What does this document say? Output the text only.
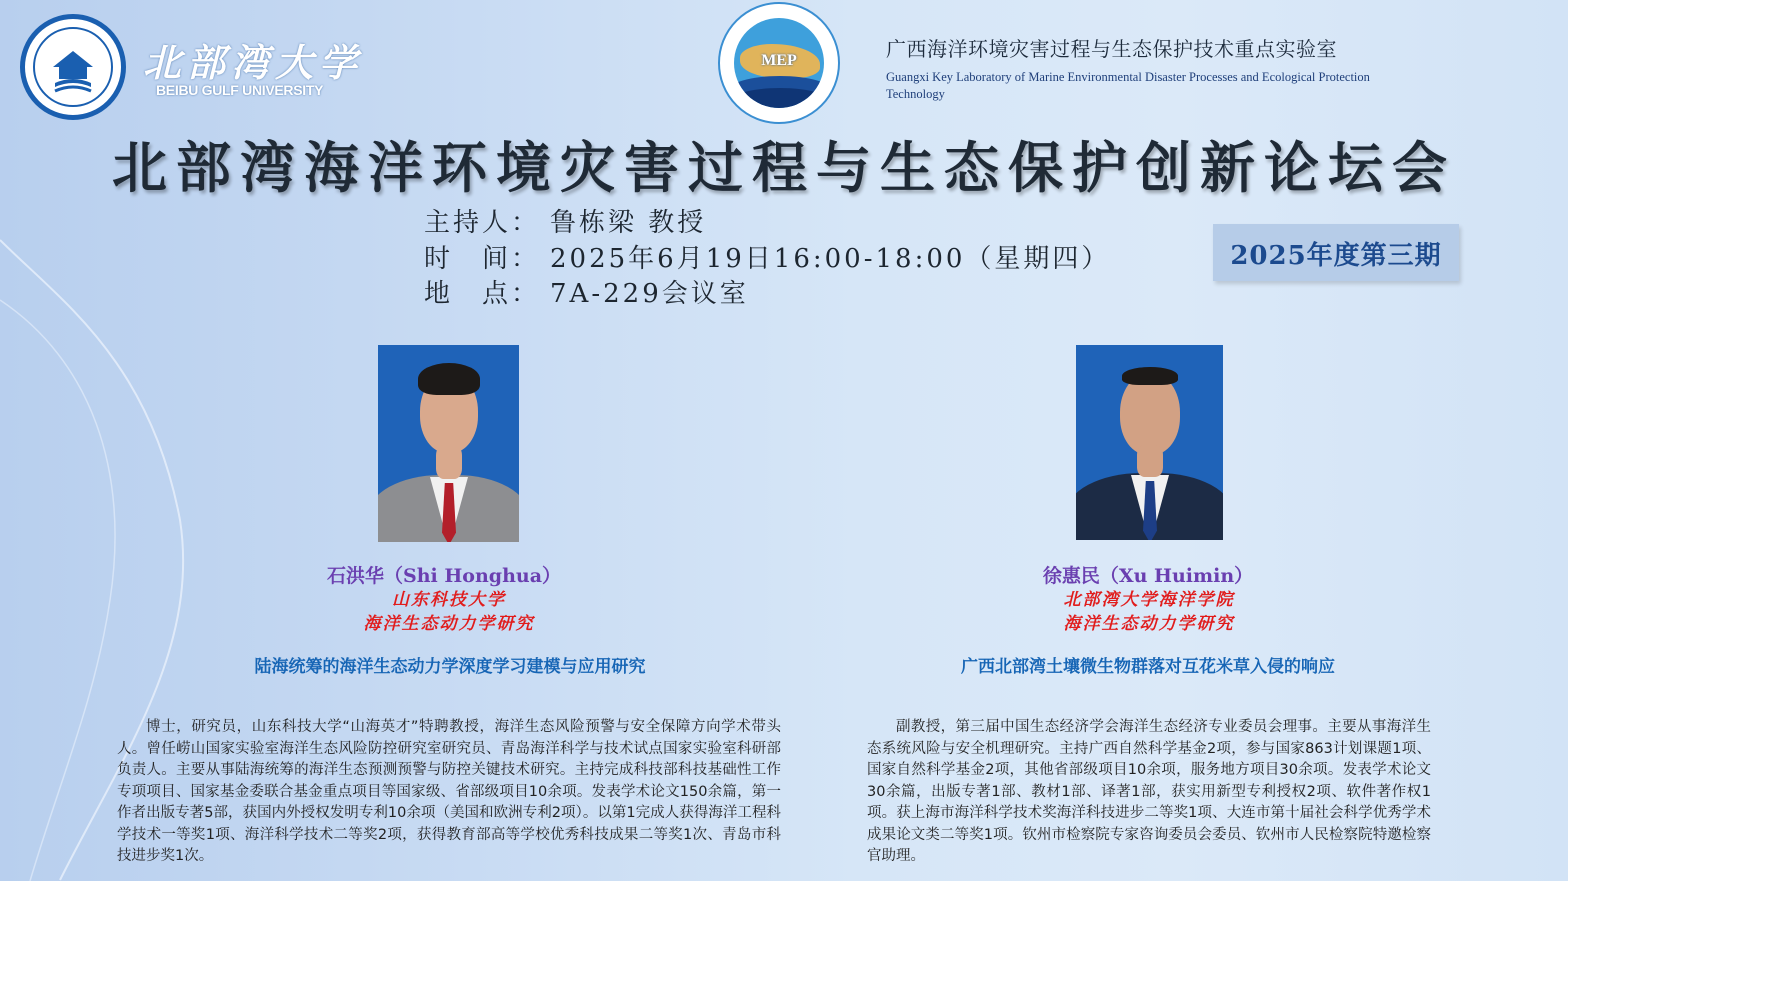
北部湾大学
BEIBU GULF UNIVERSITY
MEP	广西海洋环境灾害过程与生态保护技术重点实验室
Guangxi Key Laboratory of Marine Environmental Disaster Processes and Ecological Protection Technology
北部湾海洋环境灾害过程与生态保护创新论坛会
主持人： 鲁栋梁 教授
时　间： 2025年6月19日16:00-18:00（星期四）
地　点： 7A-229会议室
2025年度第三期
石洪华（Shi Honghua）
山东科技大学
海洋生态动力学研究
陆海统筹的海洋生态动力学深度学习建模与应用研究
博士，研究员，山东科技大学“山海英才”特聘教授，海洋生态风险预警与安全保障方向学术带头人。曾任崂山国家实验室海洋生态风险防控研究室研究员、青岛海洋科学与技术试点国家实验室科研部负责人。主要从事陆海统筹的海洋生态预测预警与防控关键技术研究。主持完成科技部科技基础性工作专项项目、国家基金委联合基金重点项目等国家级、省部级项目10余项。发表学术论文150余篇，第一作者出版专著5部，获国内外授权发明专利10余项（美国和欧洲专利2项）。以第1完成人获得海洋工程科学技术一等奖1项、海洋科学技术二等奖2项，获得教育部高等学校优秀科技成果二等奖1次、青岛市科技进步奖1次。
徐惠民（Xu Huimin）
北部湾大学海洋学院
海洋生态动力学研究
广西北部湾土壤微生物群落对互花米草入侵的响应
副教授，第三届中国生态经济学会海洋生态经济专业委员会理事。主要从事海洋生态系统风险与安全机理研究。主持广西自然科学基金2项，参与国家863计划课题1项、国家自然科学基金2项，其他省部级项目10余项，服务地方项目30余项。发表学术论文30余篇，出版专著1部、教材1部、译著1部，获实用新型专利授权2项、软件著作权1项。获上海市海洋科学技术奖海洋科技进步二等奖1项、大连市第十届社会科学优秀学术成果论文类二等奖1项。钦州市检察院专家咨询委员会委员、钦州市人民检察院特邀检察官助理。
